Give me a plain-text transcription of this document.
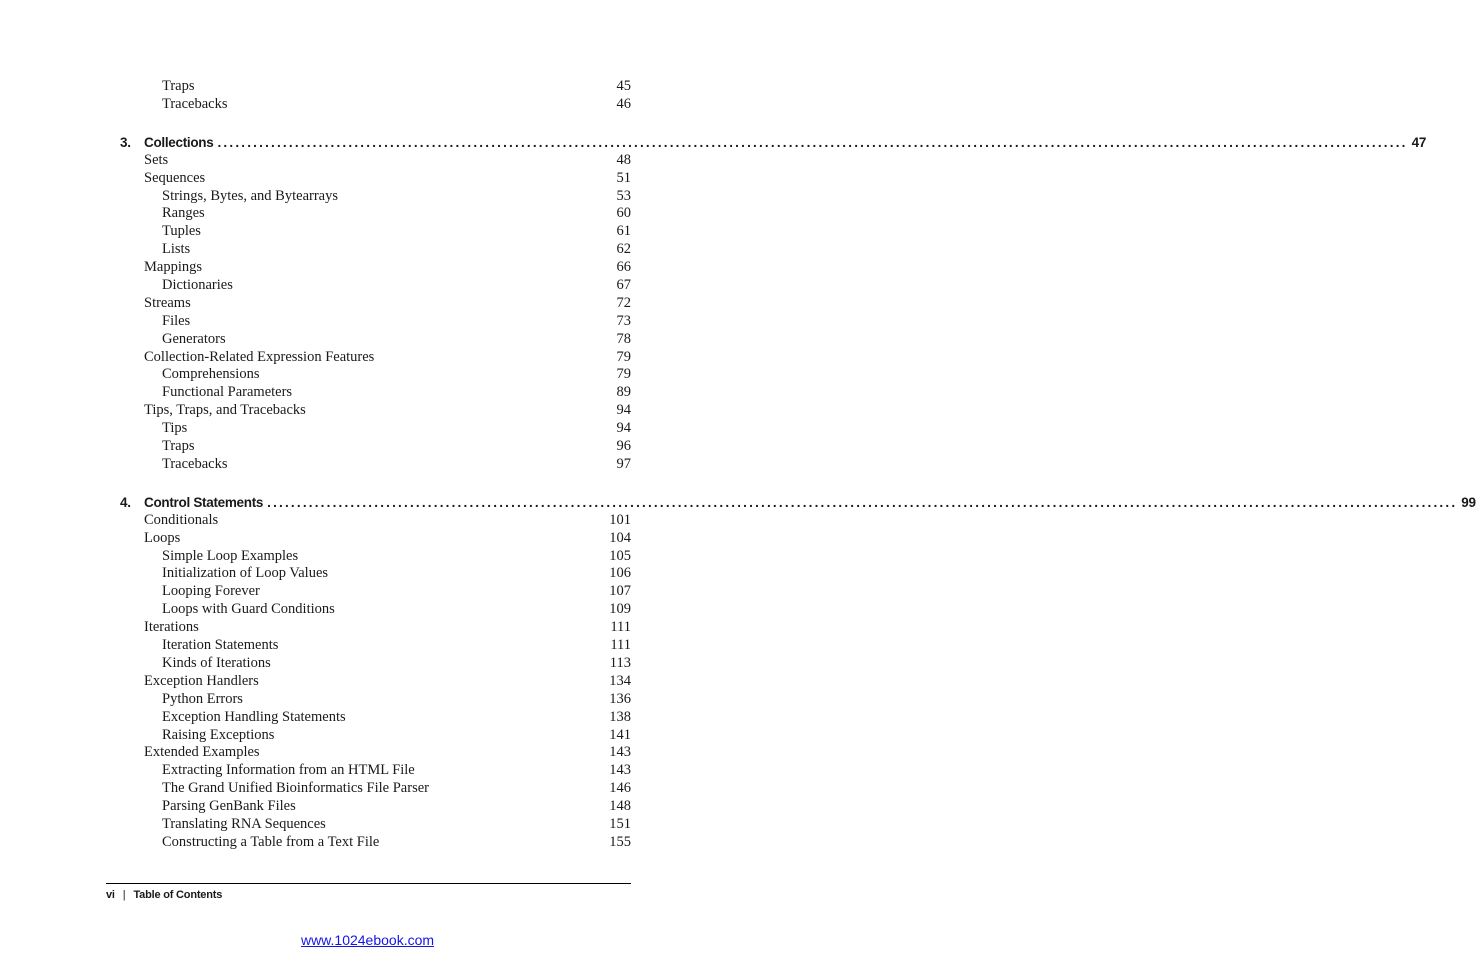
Traps	45
Tracebacks	46
3. Collections ........................................................................................................................................................................................................ 47
Sets	48
Sequences	51
Strings, Bytes, and Bytearrays	53
Ranges	60
Tuples	61
Lists	62
Mappings	66
Dictionaries	67
Streams	72
Files	73
Generators	78
Collection-Related Expression Features	79
Comprehensions	79
Functional Parameters	89
Tips, Traps, and Tracebacks	94
Tips	94
Traps	96
Tracebacks	97
4. Control Statements ........................................................................................................................................................................................................ 99
Conditionals	101
Loops	104
Simple Loop Examples	105
Initialization of Loop Values	106
Looping Forever	107
Loops with Guard Conditions	109
Iterations	111
Iteration Statements	111
Kinds of Iterations	113
Exception Handlers	134
Python Errors	136
Exception Handling Statements	138
Raising Exceptions	141
Extended Examples	143
Extracting Information from an HTML File	143
The Grand Unified Bioinformatics File Parser	146
Parsing GenBank Files	148
Translating RNA Sequences	151
Constructing a Table from a Text File	155
vi | Table of Contents
www.1024ebook.com
